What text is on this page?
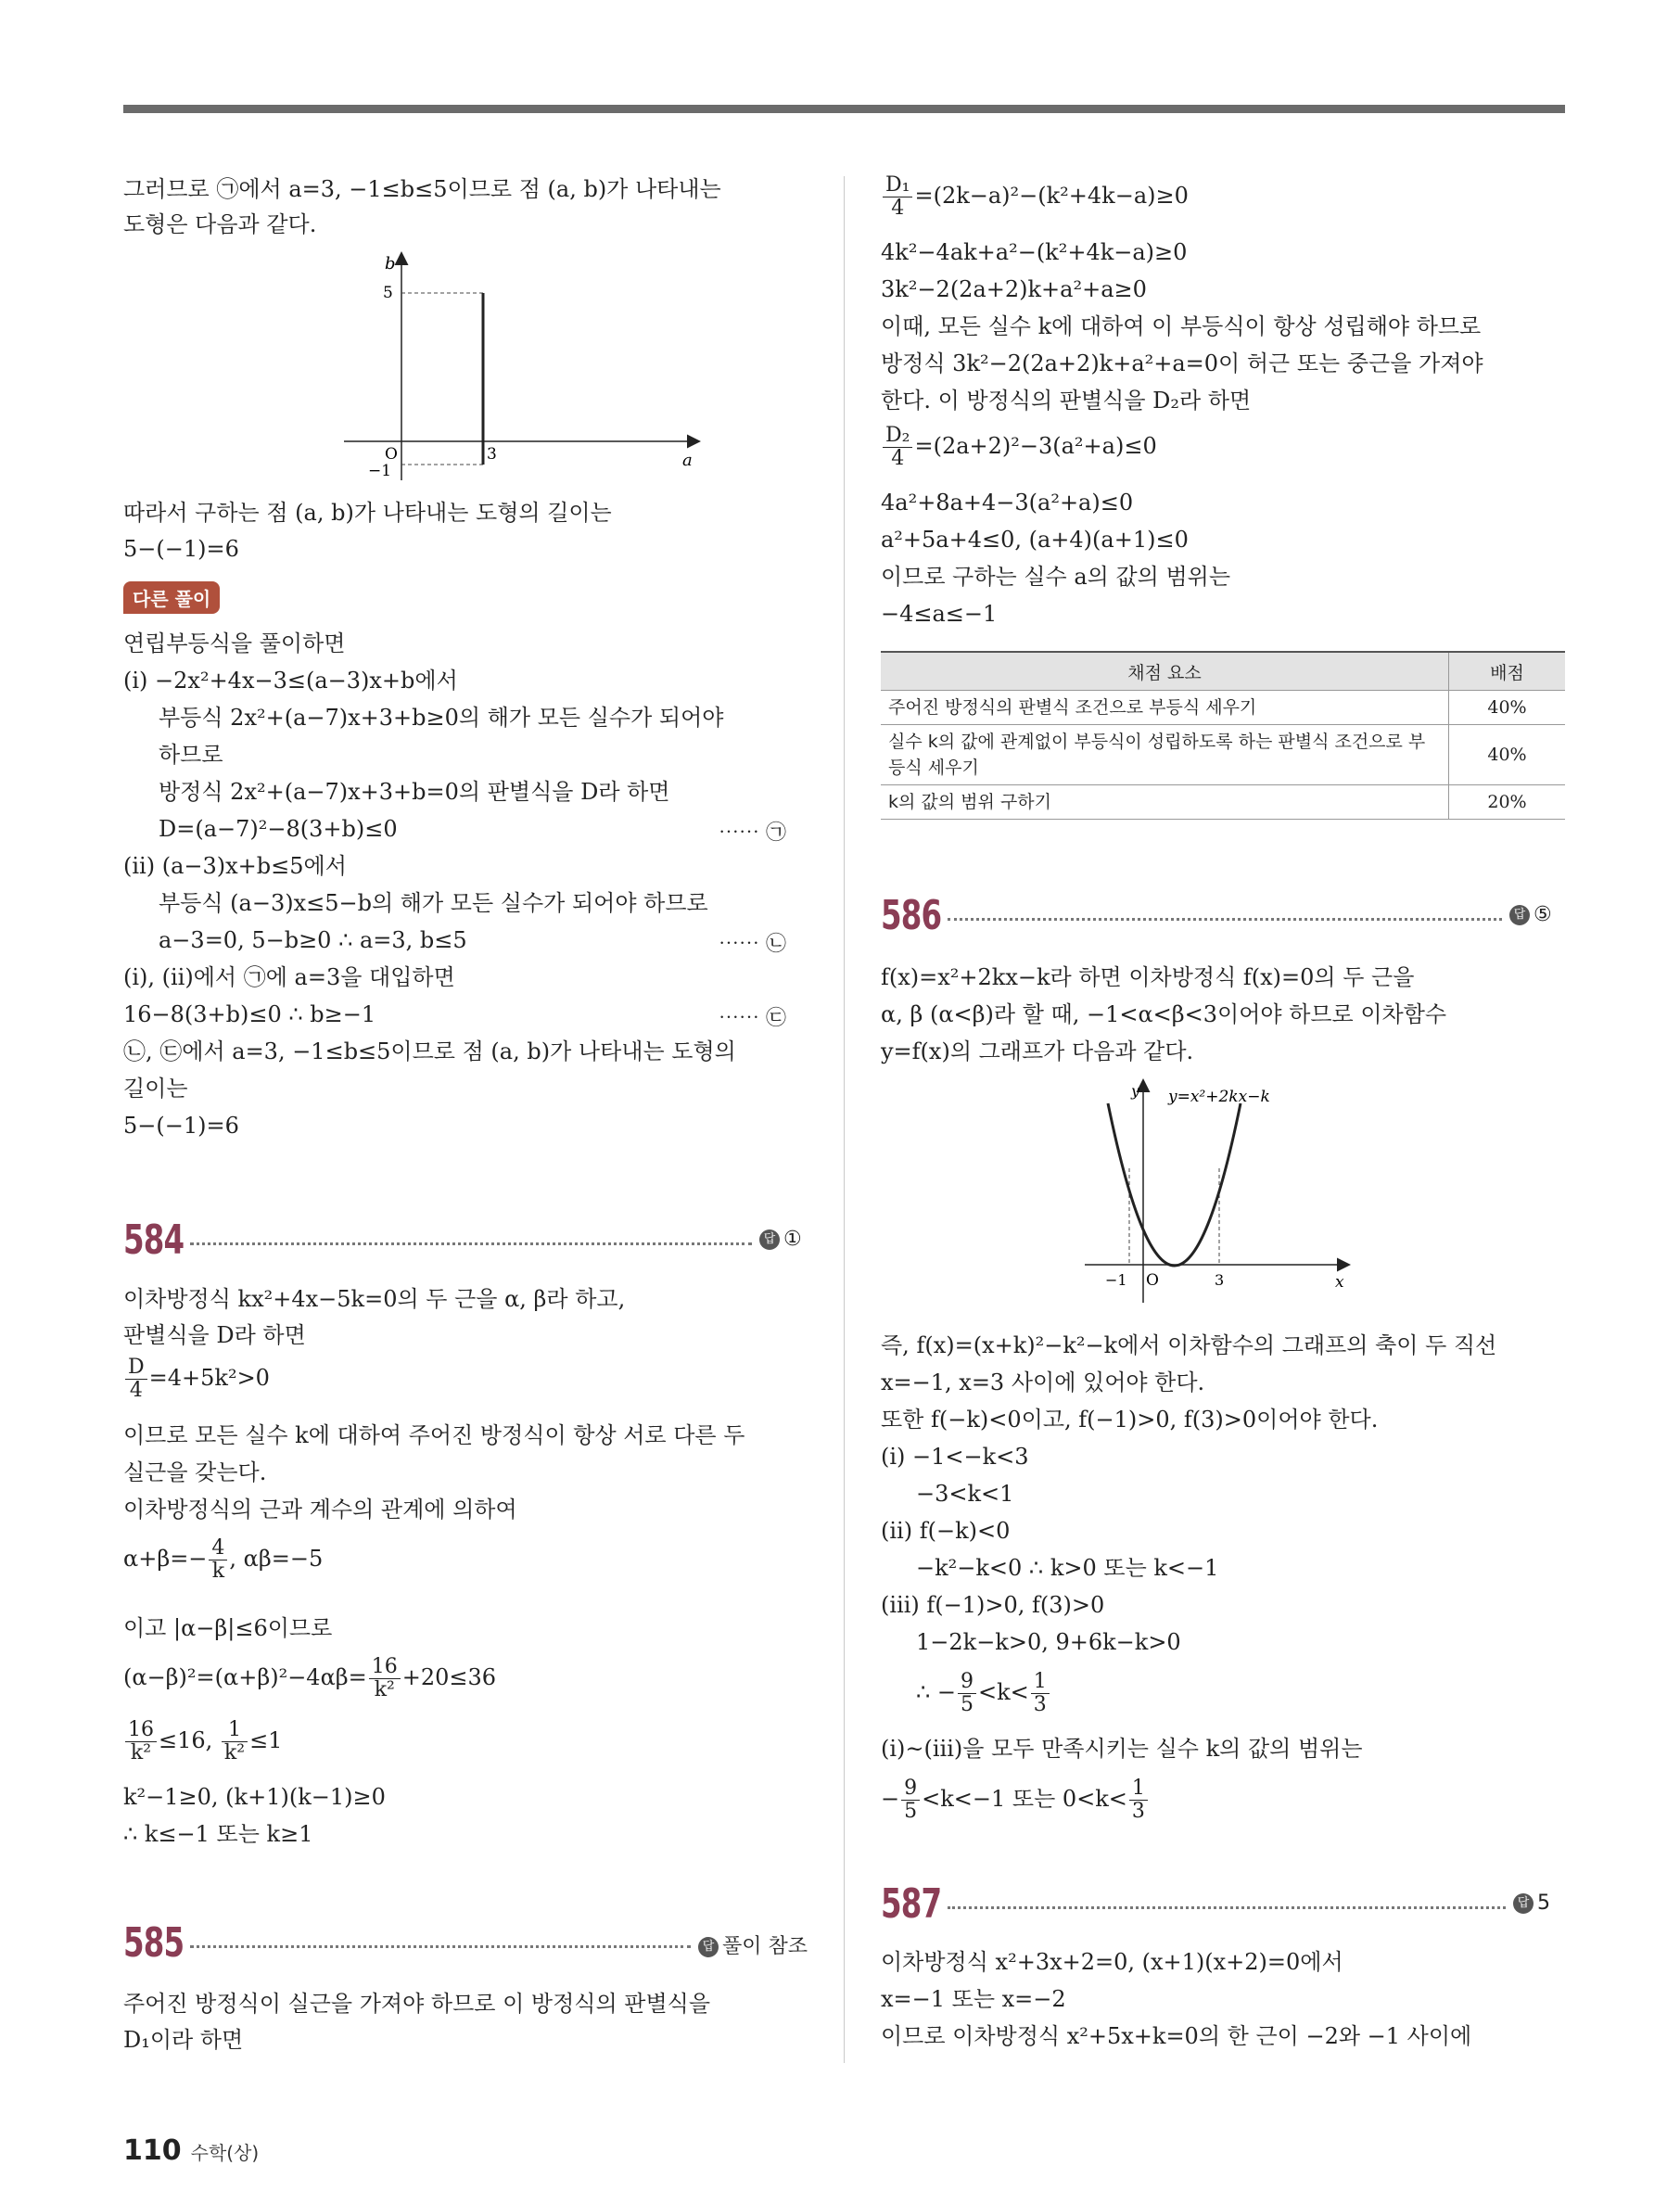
그러므로 ㉠에서 a=3, −1≤b≤5이므로 점 (a, b)가 나타내는
도형은 다음과 같다.
b
a
5
O
−1
3
따라서 구하는 점 (a, b)가 나타내는 도형의 길이는
5−(−1)=6
다른 풀이
연립부등식을 풀이하면
(ⅰ) −2x²+4x−3≤(a−3)x+b에서
부등식 2x²+(a−7)x+3+b≥0의 해가 모든 실수가 되어야
하므로
방정식 2x²+(a−7)x+3+b=0의 판별식을 D라 하면
D=(a−7)²−8(3+b)≤0	⋯⋯ ㉠
(ⅱ) (a−3)x+b≤5에서
부등식 (a−3)x≤5−b의 해가 모든 실수가 되어야 하므로
a−3=0, 5−b≥0 ∴ a=3, b≤5	⋯⋯ ㉡
(ⅰ), (ⅱ)에서 ㉠에 a=3을 대입하면
16−8(3+b)≤0 ∴ b≥−1	⋯⋯ ㉢
㉡, ㉢에서 a=3, −1≤b≤5이므로 점 (a, b)가 나타내는 도형의
길이는
5−(−1)=6
584	답 ①
이차방정식 kx²+4x−5k=0의 두 근을 α, β라 하고,
판별식을 D라 하면
$\frac{D}{4} =4+5k^2>0$
이므로 모든 실수 k에 대하여 주어진 방정식이 항상 서로 다른 두
실근을 갖는다.
이차방정식의 근과 계수의 관계에 의하여
$\alpha+\beta=- \frac{4}{k}$ , αβ=−5
이고 |α−β|≤6이므로
$(\alpha-\beta)^2=(\alpha+\beta)^2-4\alpha\beta= \frac{16}{\text{k²}} +20\le 36$
$\frac{16}{\text{k²}} \le 16$, $\frac{1}{\text{k²}} \le 1$
k²−1≥0, (k+1)(k−1)≥0
∴ k≤−1 또는 k≥1
585	답 풀이 참조
주어진 방정식이 실근을 가져야 하므로 이 방정식의 판별식을
D₁이라 하면
$\frac{\text{D₁}}{4} =(2k-a)^2-(k^2+4k-a)\ge 0$
4k²−4ak+a²−(k²+4k−a)≥0
3k²−2(2a+2)k+a²+a≥0
이때, 모든 실수 k에 대하여 이 부등식이 항상 성립해야 하므로
방정식 3k²−2(2a+2)k+a²+a=0이 허근 또는 중근을 가져야
한다. 이 방정식의 판별식을 D₂라 하면
$\frac{\text{D₂}}{4} =(2a+2)^2-3(a^2+a)\le 0$
4a²+8a+4−3(a²+a)≤0
a²+5a+4≤0, (a+4)(a+1)≤0
이므로 구하는 실수 a의 값의 범위는
−4≤a≤−1
채점 요소	배점
주어진 방정식의 판별식 조건으로 부등식 세우기	40%
실수 k의 값에 관계없이 부등식이 성립하도록 하는 판별식 조건으로 부등식 세우기	40%
k의 값의 범위 구하기	20%
586	답 ⑤
f(x)=x²+2kx−k라 하면 이차방정식 f(x)=0의 두 근을
α, β (α<β)라 할 때, −1<α<β<3이어야 하므로 이차함수
y=f(x)의 그래프가 다음과 같다.
y y=x²+2kx−k
x
O
−1	3
즉, f(x)=(x+k)²−k²−k에서 이차함수의 그래프의 축이 두 직선
x=−1, x=3 사이에 있어야 한다.
또한 f(−k)<0이고, f(−1)>0, f(3)>0이어야 한다.
(ⅰ) −1<−k<3
−3<k<1
(ⅱ) f(−k)<0
−k²−k<0 ∴ k>0 또는 k<−1
(ⅲ) f(−1)>0, f(3)>0
1−2k−k>0, 9+6k−k>0
∴ − $\frac{9}{5} <k< \frac{1}{3}$
(ⅰ)~(ⅲ)을 모두 만족시키는 실수 k의 값의 범위는
− $\frac{9}{5} <k<-1$ 또는 $0<k< \frac{1}{3}$
587	답 5
이차방정식 x²+3x+2=0, (x+1)(x+2)=0에서
x=−1 또는 x=−2
이므로 이차방정식 x²+5x+k=0의 한 근이 −2와 −1 사이에
110 수학(상)
